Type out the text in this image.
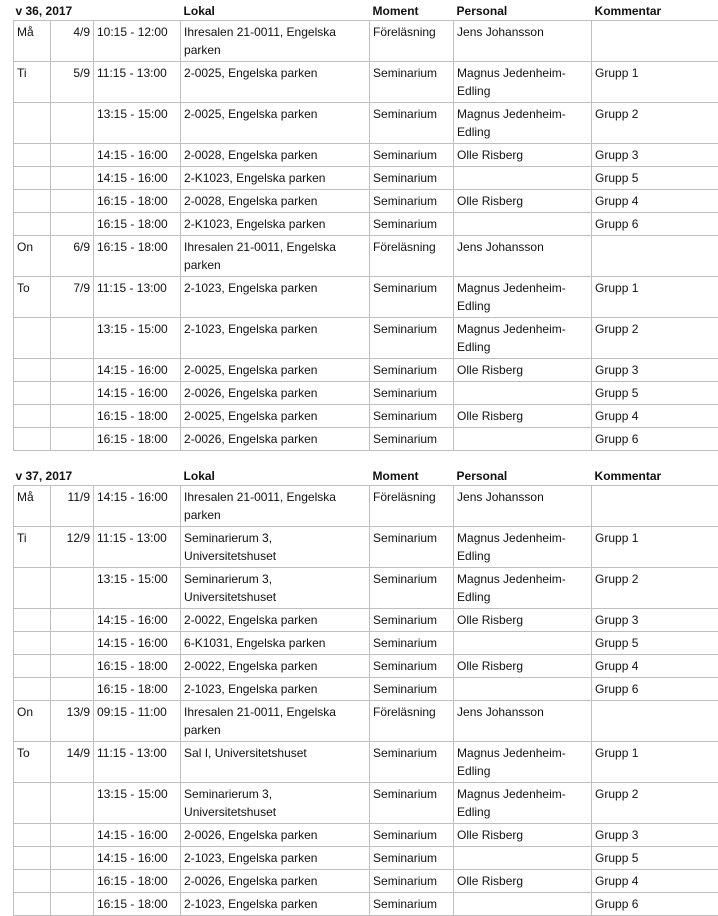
v 36, 2017			Lokal	Moment	Personal	Kommentar
Må	4/9	10:15 - 12:00	Ihresalen 21-0011, Engelska parken	Föreläsning	Jens Johansson	
Ti	5/9	11:15 - 13:00	2-0025, Engelska parken	Seminarium	Magnus Jedenheim-Edling	Grupp 1
		13:15 - 15:00	2-0025, Engelska parken	Seminarium	Magnus Jedenheim-Edling	Grupp 2
		14:15 - 16:00	2-0028, Engelska parken	Seminarium	Olle Risberg	Grupp 3
		14:15 - 16:00	2-K1023, Engelska parken	Seminarium		Grupp 5
		16:15 - 18:00	2-0028, Engelska parken	Seminarium	Olle Risberg	Grupp 4
		16:15 - 18:00	2-K1023, Engelska parken	Seminarium		Grupp 6
On	6/9	16:15 - 18:00	Ihresalen 21-0011, Engelska parken	Föreläsning	Jens Johansson	
To	7/9	11:15 - 13:00	2-1023, Engelska parken	Seminarium	Magnus Jedenheim-Edling	Grupp 1
		13:15 - 15:00	2-1023, Engelska parken	Seminarium	Magnus Jedenheim-Edling	Grupp 2
		14:15 - 16:00	2-0025, Engelska parken	Seminarium	Olle Risberg	Grupp 3
		14:15 - 16:00	2-0026, Engelska parken	Seminarium		Grupp 5
		16:15 - 18:00	2-0025, Engelska parken	Seminarium	Olle Risberg	Grupp 4
		16:15 - 18:00	2-0026, Engelska parken	Seminarium		Grupp 6

v 37, 2017			Lokal	Moment	Personal	Kommentar
Må	11/9	14:15 - 16:00	Ihresalen 21-0011, Engelska parken	Föreläsning	Jens Johansson	
Ti	12/9	11:15 - 13:00	Seminarierum 3, Universitetshuset	Seminarium	Magnus Jedenheim-Edling	Grupp 1
		13:15 - 15:00	Seminarierum 3, Universitetshuset	Seminarium	Magnus Jedenheim-Edling	Grupp 2
		14:15 - 16:00	2-0022, Engelska parken	Seminarium	Olle Risberg	Grupp 3
		14:15 - 16:00	6-K1031, Engelska parken	Seminarium		Grupp 5
		16:15 - 18:00	2-0022, Engelska parken	Seminarium	Olle Risberg	Grupp 4
		16:15 - 18:00	2-1023, Engelska parken	Seminarium		Grupp 6
On	13/9	09:15 - 11:00	Ihresalen 21-0011, Engelska parken	Föreläsning	Jens Johansson	
To	14/9	11:15 - 13:00	Sal I, Universitetshuset	Seminarium	Magnus Jedenheim-Edling	Grupp 1
		13:15 - 15:00	Seminarierum 3, Universitetshuset	Seminarium	Magnus Jedenheim-Edling	Grupp 2
		14:15 - 16:00	2-0026, Engelska parken	Seminarium	Olle Risberg	Grupp 3
		14:15 - 16:00	2-1023, Engelska parken	Seminarium		Grupp 5
		16:15 - 18:00	2-0026, Engelska parken	Seminarium	Olle Risberg	Grupp 4
		16:15 - 18:00	2-1023, Engelska parken	Seminarium		Grupp 6
